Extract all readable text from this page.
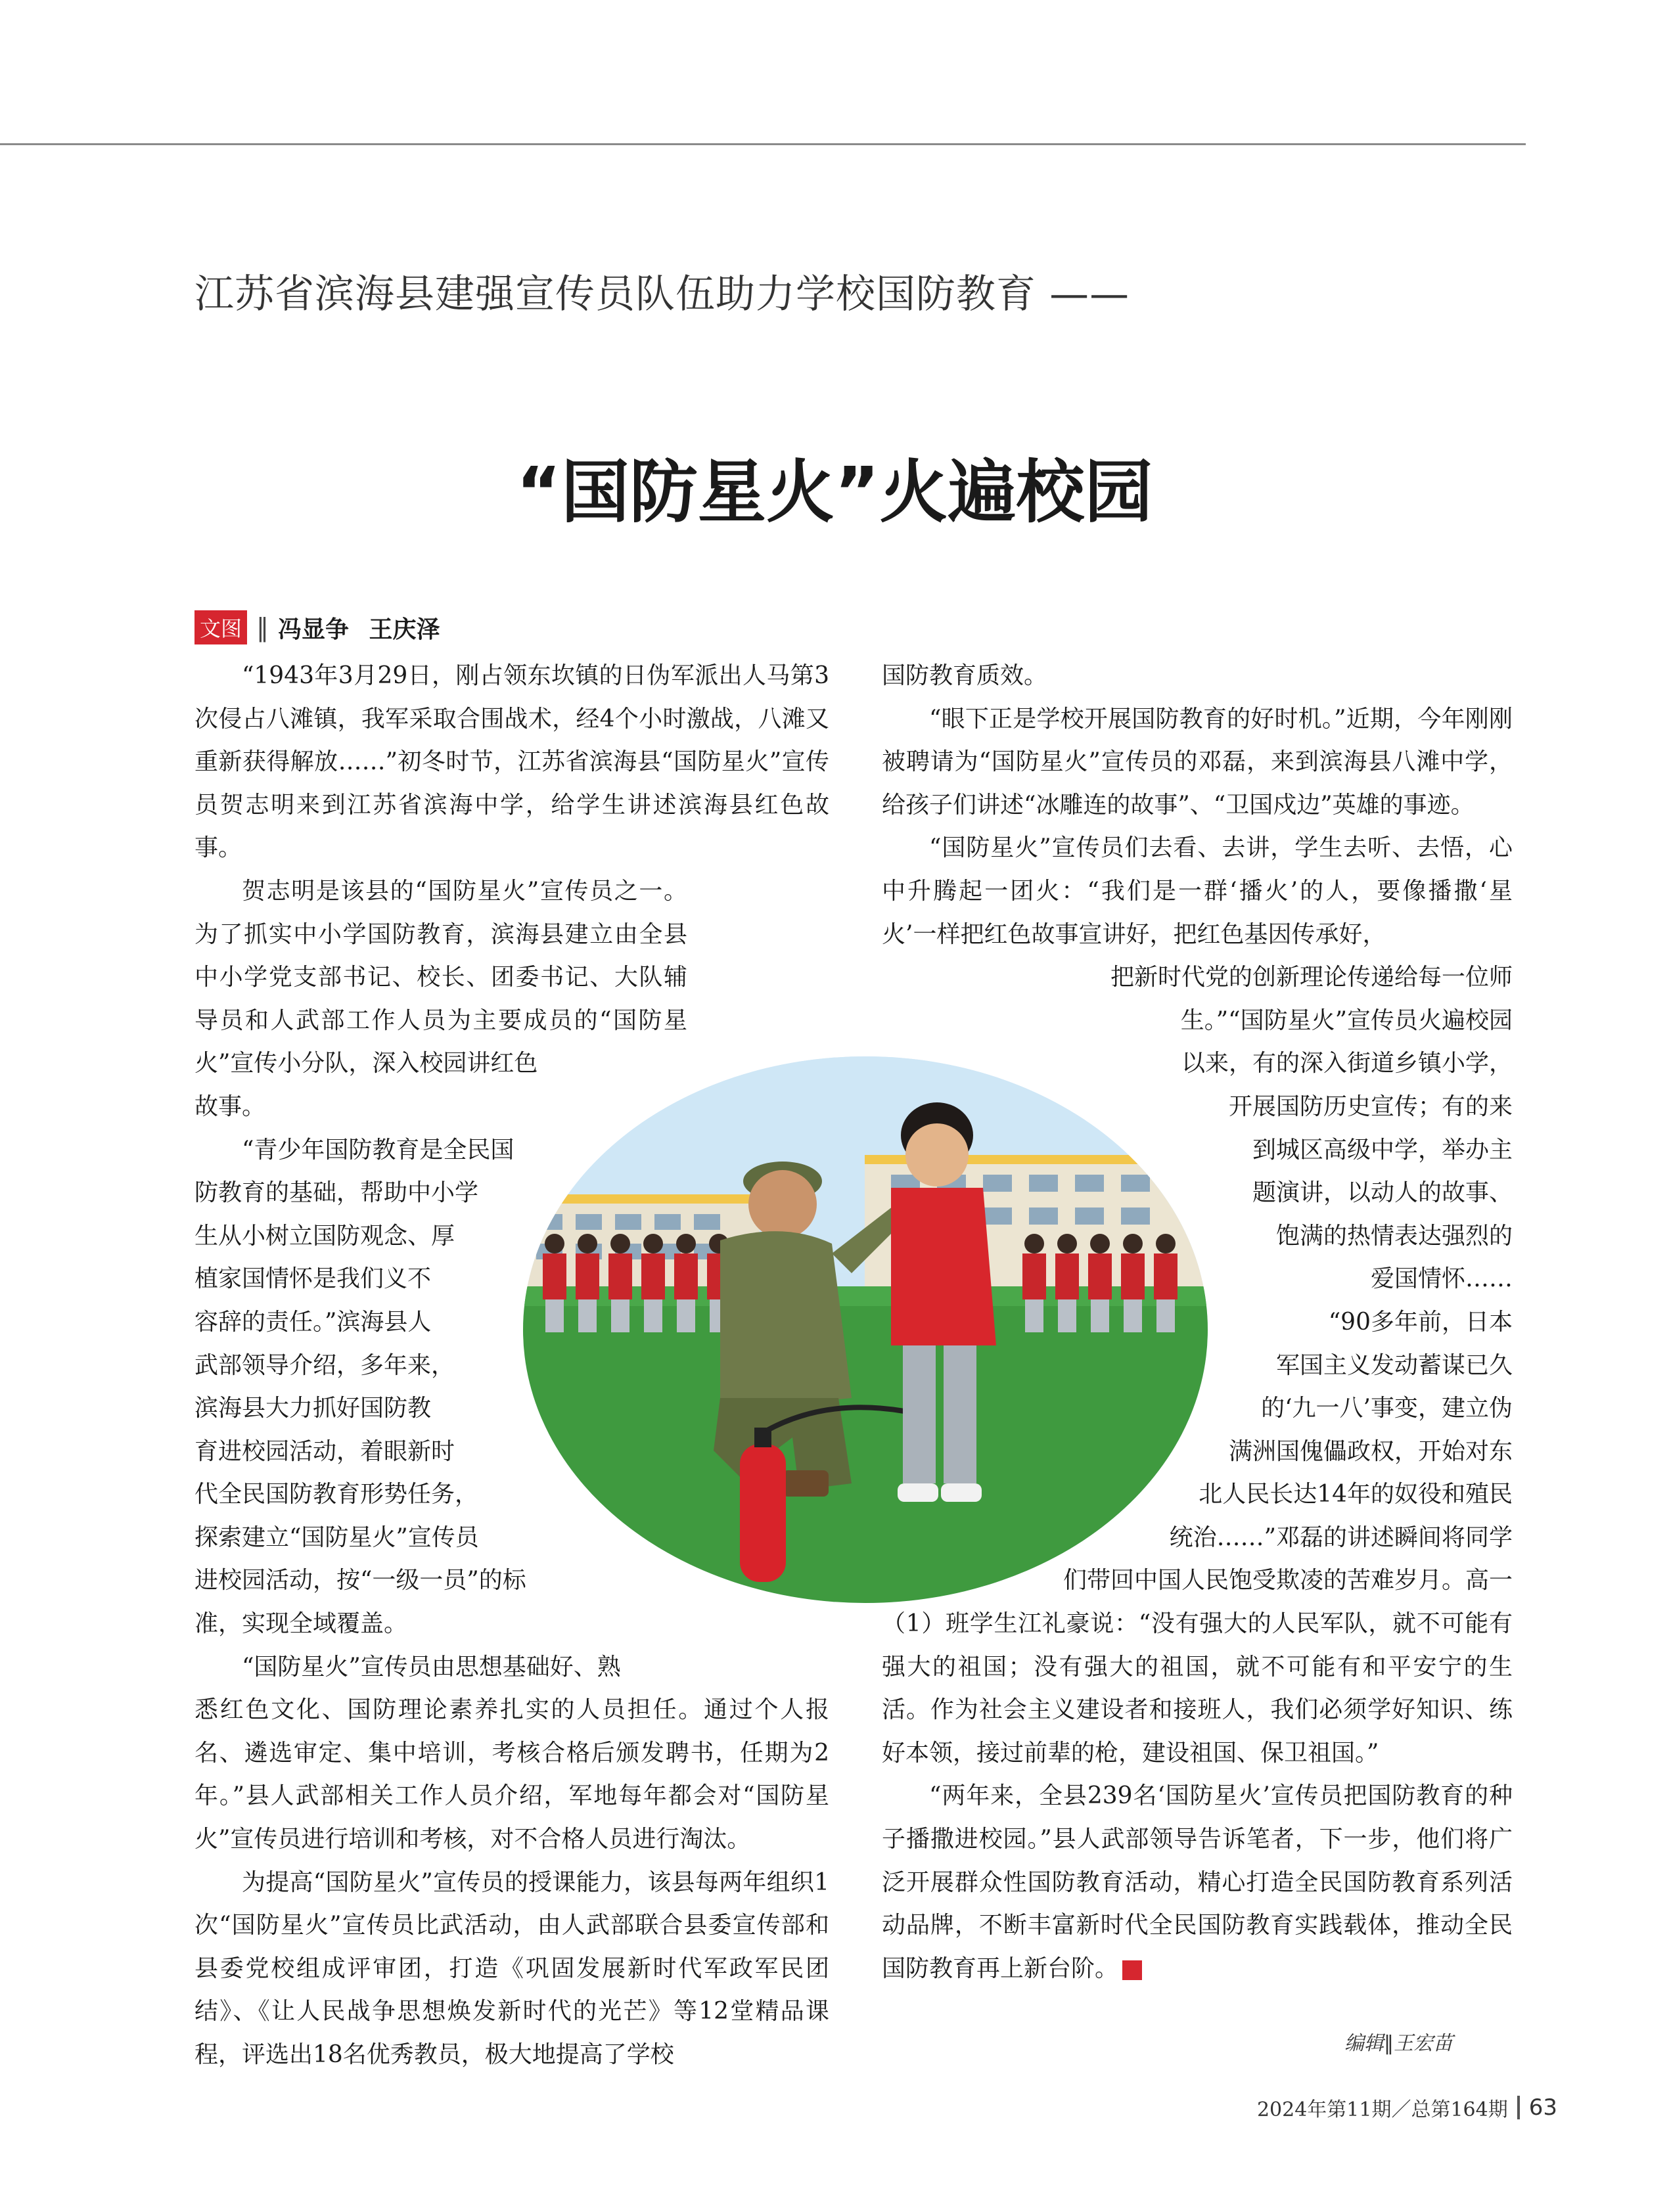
江苏省滨海县建强宣传员队伍助力学校国防教育 ——
“国防星火”火遍校园
文图 ‖ 冯显争 王庆泽

“1943年3月29日，刚占领东坎镇的日伪军派出人马第3次侵占八滩镇，我军采取合围战术，经4个小时激战，八滩又重新获得解放……”初冬时节，江苏省滨海县“国防星火”宣传员贺志明来到江苏省滨海中学，给学生讲述滨海县红色故事。

贺志明是该县的“国防星火”宣传员之一。为了抓实中小学国防教育，滨海县建立由全县中小学党支部书记、校长、团委书记、大队辅导员和人武部工作人员为主要成员的“国防星火”宣传小分队，深入校园讲红色

故事。

“青少年国防教育是全民国
防教育的基础，帮助中小学
生从小树立国防观念、厚
植家国情怀是我们义不
容辞的责任。”滨海县人
武部领导介绍，多年来，
滨海县大力抓好国防教
育进校园活动，着眼新时
代全民国防教育形势任务，
探索建立“国防星火”宣传员
进校园活动，按“一级一员”的标
准，实现全域覆盖。

“国防星火”宣传员由思想基础好、熟

悉红色文化、国防理论素养扎实的人员担任。通过个人报名、遴选审定、集中培训，考核合格后颁发聘书，任期为2年。”县人武部相关工作人员介绍，军地每年都会对“国防星火”宣传员进行培训和考核，对不合格人员进行淘汰。

为提高“国防星火”宣传员的授课能力，该县每两年组织1次“国防星火”宣传员比武活动，由人武部联合县委宣传部和县委党校组成评审团，打造《巩固发展新时代军政军民团结》、《让人民战争思想焕发新时代的光芒》等12堂精品课程，评选出18名优秀教员，极大地提高了学校

国防教育质效。

“眼下正是学校开展国防教育的好时机。”近期，今年刚刚被聘请为“国防星火”宣传员的邓磊，来到滨海县八滩中学，给孩子们讲述“冰雕连的故事”、“卫国戍边”英雄的事迹。

“国防星火”宣传员们去看、去讲，学生去听、去悟，心中升腾起一团火：“我们是一群‘播火’的人，要像播撒‘星火’一样把红色故事宣讲好，把红色基因传承好，

把新时代党的创新理论传递给每一位师
生。”“国防星火”宣传员火遍校园
以来，有的深入街道乡镇小学，
开展国防历史宣传；有的来
到城区高级中学，举办主
题演讲，以动人的故事、
饱满的热情表达强烈的
爱国情怀……
“90多年前，日本
军国主义发动蓄谋已久
的‘九一八’事变，建立伪
满洲国傀儡政权，开始对东
北人民长达14年的奴役和殖民
统治……”邓磊的讲述瞬间将同学
们带回中国人民饱受欺凌的苦难岁月。高一

（1）班学生江礼豪说：“没有强大的人民军队，就不可能有强大的祖国；没有强大的祖国，就不可能有和平安宁的生活。作为社会主义建设者和接班人，我们必须学好知识、练好本领，接过前辈的枪，建设祖国、保卫祖国。”

“两年来，全县239名‘国防星火’宣传员把国防教育的种子播撒进校园。”县人武部领导告诉笔者，下一步，他们将广泛开展群众性国防教育活动，精心打造全民国防教育系列活动品牌，不断丰富新时代全民国防教育实践载体，推动全民国防教育再上新台阶。	G

编辑‖王宏苗
2024年第11期／总第164期 63
